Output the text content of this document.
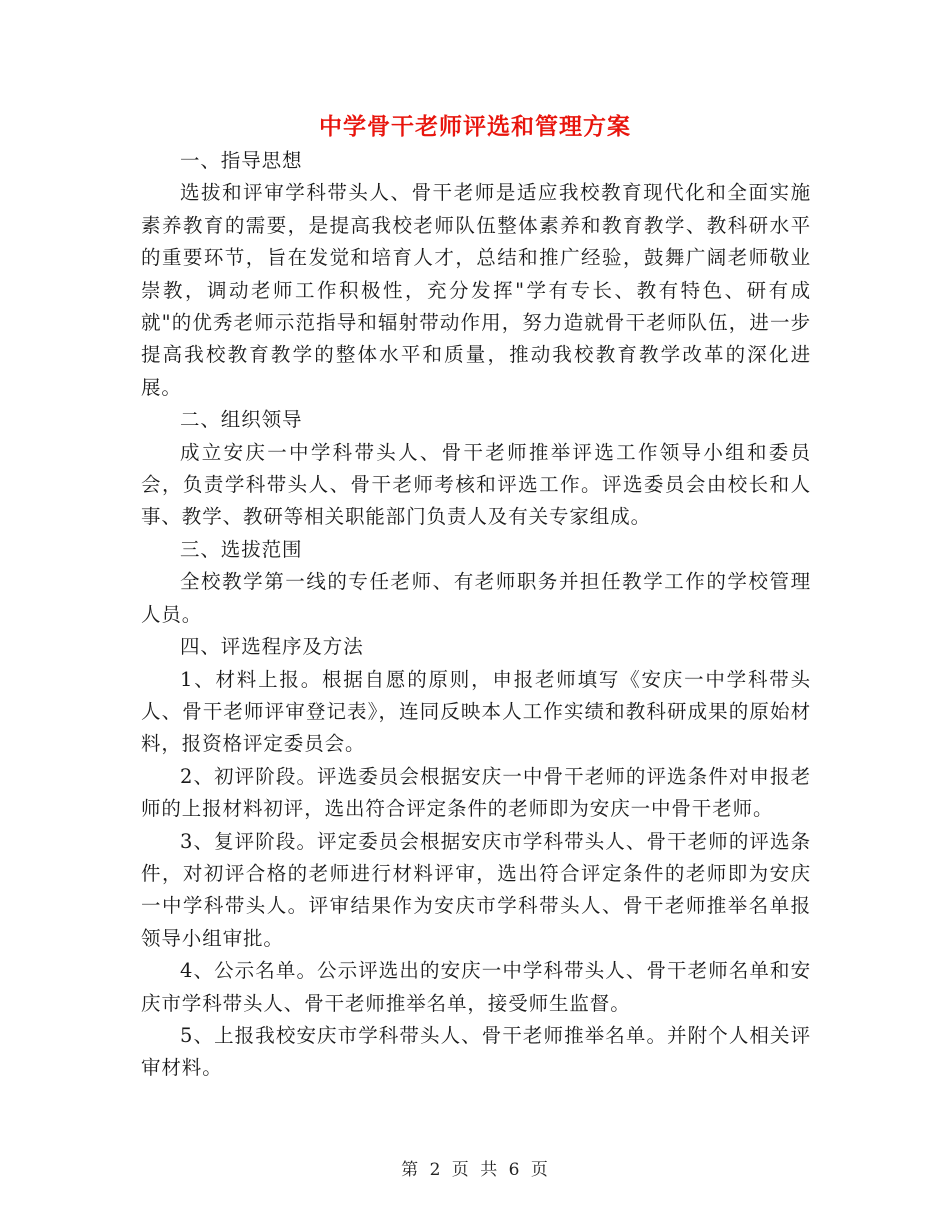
中学骨干老师评选和管理方案

一、指导思想

选拔和评审学科带头人、骨干老师是适应我校教育现代化和全面实施素养教育的需要，是提高我校老师队伍整体素养和教育教学、教科研水平的重要环节，旨在发觉和培育人才，总结和推广经验，鼓舞广阔老师敬业崇教，调动老师工作积极性，充分发挥"学有专长、教有特色、研有成就"的优秀老师示范指导和辐射带动作用，努力造就骨干老师队伍，进一步提高我校教育教学的整体水平和质量，推动我校教育教学改革的深化进展。

二、组织领导

成立安庆一中学科带头人、骨干老师推举评选工作领导小组和委员会，负责学科带头人、骨干老师考核和评选工作。评选委员会由校长和人事、教学、教研等相关职能部门负责人及有关专家组成。

三、选拔范围

全校教学第一线的专任老师、有老师职务并担任教学工作的学校管理人员。

四、评选程序及方法

1、材料上报。根据自愿的原则，申报老师填写《安庆一中学科带头人、骨干老师评审登记表》，连同反映本人工作实绩和教科研成果的原始材料，报资格评定委员会。

2、初评阶段。评选委员会根据安庆一中骨干老师的评选条件对申报老师的上报材料初评，选出符合评定条件的老师即为安庆一中骨干老师。

3、复评阶段。评定委员会根据安庆市学科带头人、骨干老师的评选条件，对初评合格的老师进行材料评审，选出符合评定条件的老师即为安庆一中学科带头人。评审结果作为安庆市学科带头人、骨干老师推举名单报领导小组审批。

4、公示名单。公示评选出的安庆一中学科带头人、骨干老师名单和安庆市学科带头人、骨干老师推举名单，接受师生监督。

5、上报我校安庆市学科带头人、骨干老师推举名单。并附个人相关评审材料。

第 2 页 共 6 页
